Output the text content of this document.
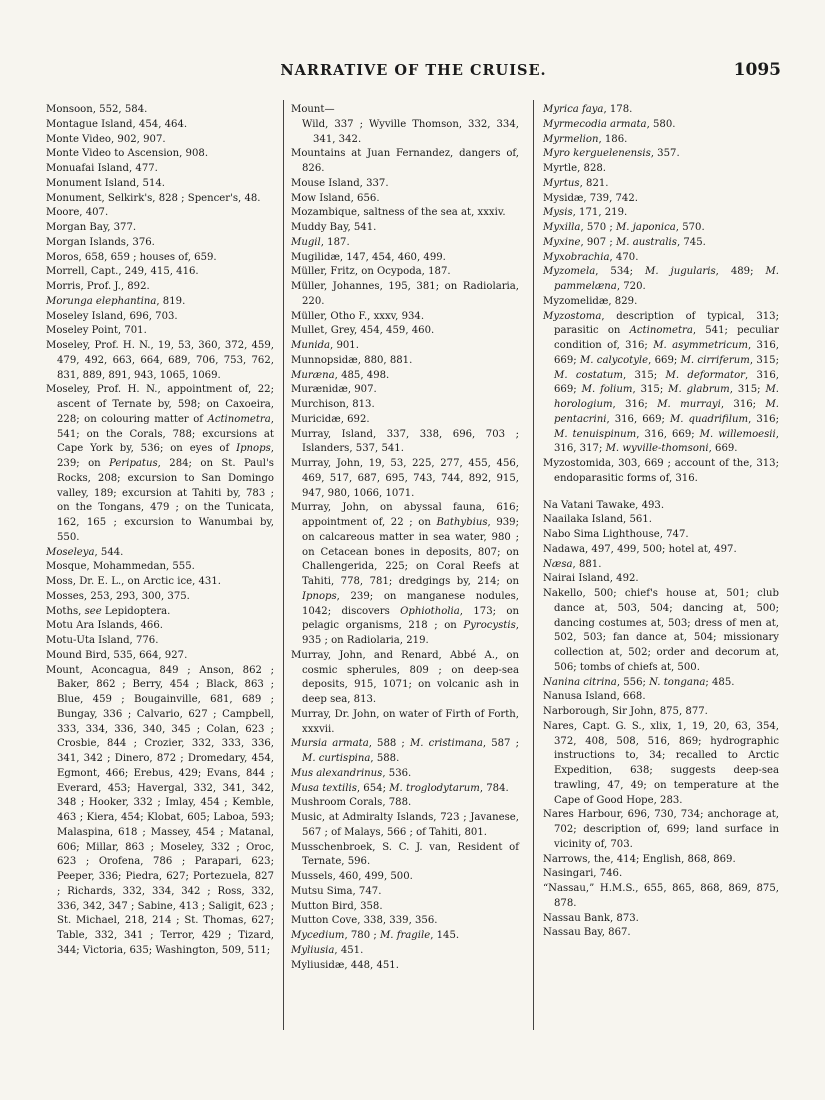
NARRATIVE OF THE CRUISE.	1095
Monsoon, 552, 584.
Montague Island, 454, 464.
Monte Video, 902, 907.
Monte Video to Ascension, 908.
Monuafai Island, 477.
Monument Island, 514.
Monument, Selkirk's, 828 ; Spencer's, 48.
Moore, 407.
Morgan Bay, 377.
Morgan Islands, 376.
Moros, 658, 659 ; houses of, 659.
Morrell, Capt., 249, 415, 416.
Morris, Prof. J., 892.
Morunga elephantina, 819.
Moseley Island, 696, 703.
Moseley Point, 701.
Moseley, Prof. H. N., 19, 53, 360, 372, 459, 479, 492, 663, 664, 689, 706, 753, 762, 831, 889, 891, 943, 1065, 1069.
Moseley, Prof. H. N., appointment of, 22; ascent of Ternate by, 598; on Caxoeira, 228; on colouring matter of Actinometra, 541; on the Corals, 788; excursions at Cape York by, 536; on eyes of Ipnops, 239; on Peripatus, 284; on St. Paul's Rocks, 208; excursion to San Domingo valley, 189; excursion at Tahiti by, 783 ; on the Tongans, 479 ; on the Tunicata, 162, 165 ; excursion to Wanumbai by, 550.
Moseleya, 544.
Mosque, Mohammedan, 555.
Moss, Dr. E. L., on Arctic ice, 431.
Mosses, 253, 293, 300, 375.
Moths, see Lepidoptera.
Motu Ara Islands, 466.
Motu-Uta Island, 776.
Mound Bird, 535, 664, 927.
Mount, Aconcagua, 849 ; Anson, 862 ; Baker, 862 ; Berry, 454 ; Black, 863 ; Blue, 459 ; Bougainville, 681, 689 ; Bungay, 336 ; Calvario, 627 ; Campbell, 333, 334, 336, 340, 345 ; Colan, 623 ; Crosbie, 844 ; Crozier, 332, 333, 336, 341, 342 ; Dinero, 872 ; Dromedary, 454, Egmont, 466; Erebus, 429; Evans, 844 ; Everard, 453; Havergal, 332, 341, 342, 348 ; Hooker, 332 ; Imlay, 454 ; Kemble, 463 ; Kiera, 454; Klobat, 605; Laboa, 593; Malaspina, 618 ; Massey, 454 ; Matanal, 606; Millar, 863 ; Moseley, 332 ; Oroc, 623 ; Orofena, 786 ; Parapari, 623; Peeper, 336; Piedra, 627; Portezuela, 827 ; Richards, 332, 334, 342 ; Ross, 332, 336, 342, 347 ; Sabine, 413 ; Saligit, 623 ; St. Michael, 218, 214 ; St. Thomas, 627; Table, 332, 341 ; Terror, 429 ; Tizard, 344; Victoria, 635; Washington, 509, 511;
Mount—
Wild, 337 ; Wyville Thomson, 332, 334, 341, 342.
Mountains at Juan Fernandez, dangers of, 826.
Mouse Island, 337.
Mow Island, 656.
Mozambique, saltness of the sea at, xxxiv.
Muddy Bay, 541.
Mugil, 187.
Mugilidæ, 147, 454, 460, 499.
Müller, Fritz, on Ocypoda, 187.
Müller, Johannes, 195, 381; on Radiolaria, 220.
Müller, Otho F., xxxv, 934.
Mullet, Grey, 454, 459, 460.
Munida, 901.
Munnopsidæ, 880, 881.
Muræna, 485, 498.
Murænidæ, 907.
Murchison, 813.
Muricidæ, 692.
Murray, Island, 337, 338, 696, 703 ; Islanders, 537, 541.
Murray, John, 19, 53, 225, 277, 455, 456, 469, 517, 687, 695, 743, 744, 892, 915, 947, 980, 1066, 1071.
Murray, John, on abyssal fauna, 616; appointment of, 22 ; on Bathybius, 939; on calcareous matter in sea water, 980 ; on Cetacean bones in deposits, 807; on Challengerida, 225; on Coral Reefs at Tahiti, 778, 781; dredgings by, 214; on Ipnops, 239; on manganese nodules, 1042; discovers Ophiotholia, 173; on pelagic organisms, 218 ; on Pyrocystis, 935 ; on Radiolaria, 219.
Murray, John, and Renard, Abbé A., on cosmic spherules, 809 ; on deep-sea deposits, 915, 1071; on volcanic ash in deep sea, 813.
Murray, Dr. John, on water of Firth of Forth, xxxvii.
Mursia armata, 588 ; M. cristimana, 587 ; M. curtispina, 588.
Mus alexandrinus, 536.
Musa textilis, 654; M. troglodytarum, 784.
Mushroom Corals, 788.
Music, at Admiralty Islands, 723 ; Javanese, 567 ; of Malays, 566 ; of Tahiti, 801.
Musschenbroek, S. C. J. van, Resident of Ternate, 596.
Mussels, 460, 499, 500.
Mutsu Sima, 747.
Mutton Bird, 358.
Mutton Cove, 338, 339, 356.
Mycedium, 780 ; M. fragile, 145.
Myliusia, 451.
Myliusidæ, 448, 451.
Myrica faya, 178.
Myrmecodia armata, 580.
Myrmelion, 186.
Myro kerguelenensis, 357.
Myrtle, 828.
Myrtus, 821.
Mysidæ, 739, 742.
Mysis, 171, 219.
Myxilla, 570 ; M. japonica, 570.
Myxine, 907 ; M. australis, 745.
Myxobrachia, 470.
Myzomela, 534; M. jugularis, 489; M. pammelæna, 720.
Myzomelidæ, 829.
Myzostoma, description of typical, 313; parasitic on Actinometra, 541; peculiar condition of, 316; M. asymmetricum, 316, 669; M. calycotyle, 669; M. cirriferum, 315; M. costatum, 315; M. deformator, 316, 669; M. folium, 315; M. glabrum, 315; M. horologium, 316; M. murrayi, 316; M. pentacrini, 316, 669; M. quadrifilum, 316; M. tenuispinum, 316, 669; M. willemoesii, 316, 317; M. wyville-thomsoni, 669.
Myzostomida, 303, 669 ; account of the, 313; endoparasitic forms of, 316.
Na Vatani Tawake, 493.
Naailaka Island, 561.
Nabo Sima Lighthouse, 747.
Nadawa, 497, 499, 500; hotel at, 497.
Næsa, 881.
Nairai Island, 492.
Nakello, 500; chief's house at, 501; club dance at, 503, 504; dancing at, 500; dancing costumes at, 503; dress of men at, 502, 503; fan dance at, 504; missionary collection at, 502; order and decorum at, 506; tombs of chiefs at, 500.
Nanina citrina, 556; N. tongana; 485.
Nanusa Island, 668.
Narborough, Sir John, 875, 877.
Nares, Capt. G. S., xlix, 1, 19, 20, 63, 354, 372, 408, 508, 516, 869; hydrographic instructions to, 34; recalled to Arctic Expedition, 638; suggests deep-sea trawling, 47, 49; on temperature at the Cape of Good Hope, 283.
Nares Harbour, 696, 730, 734; anchorage at, 702; description of, 699; land surface in vicinity of, 703.
Narrows, the, 414; English, 868, 869.
Nasingari, 746.
“Nassau,” H.M.S., 655, 865, 868, 869, 875, 878.
Nassau Bank, 873.
Nassau Bay, 867.
